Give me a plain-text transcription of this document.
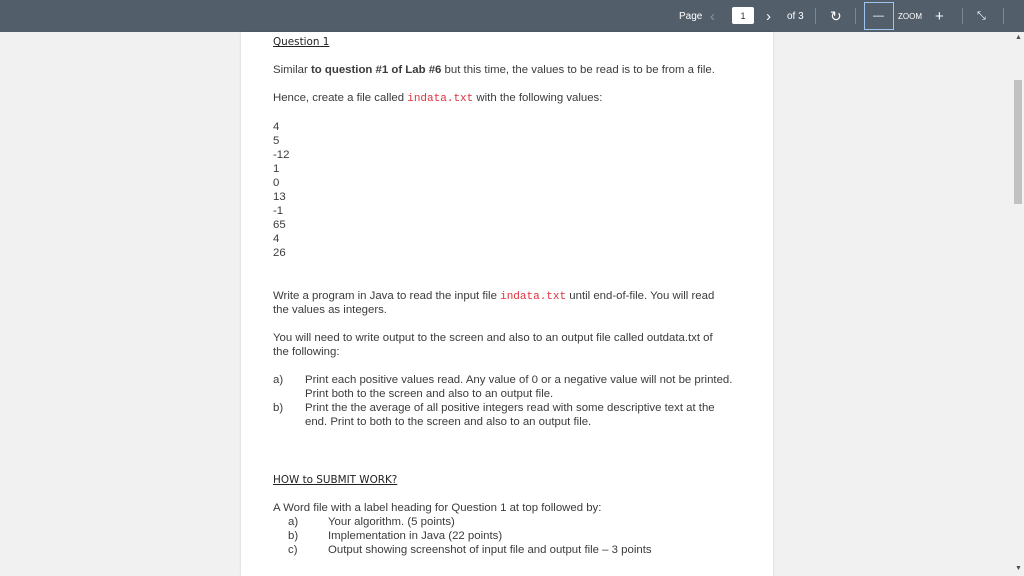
Page ‹	1	› of 3 ↻	— ZOOM +	⤡
Question 1
Similar to question #1 of Lab #6 but this time, the values to be read is to be from a file.
Hence, create a file called indata.txt with the following values:
4
5
-12
1
0
13
-1
65
4
26
Write a program in Java to read the input file indata.txt until end-of-file. You will read
the values as integers.
You will need to write output to the screen and also to an output file called outdata.txt of
the following:
a) Print each positive values read. Any value of 0 or a negative value will not be printed.
Print both to the screen and also to an output file.
b) Print the the average of all positive integers read with some descriptive text at the
end. Print to both to the screen and also to an output file.
HOW to SUBMIT WORK?
A Word file with a label heading for Question 1 at top followed by:
a)	Your algorithm. (5 points)
b)	Implementation in Java (22 points)
c)	Output showing screenshot of input file and output file – 3 points
▲
▼
